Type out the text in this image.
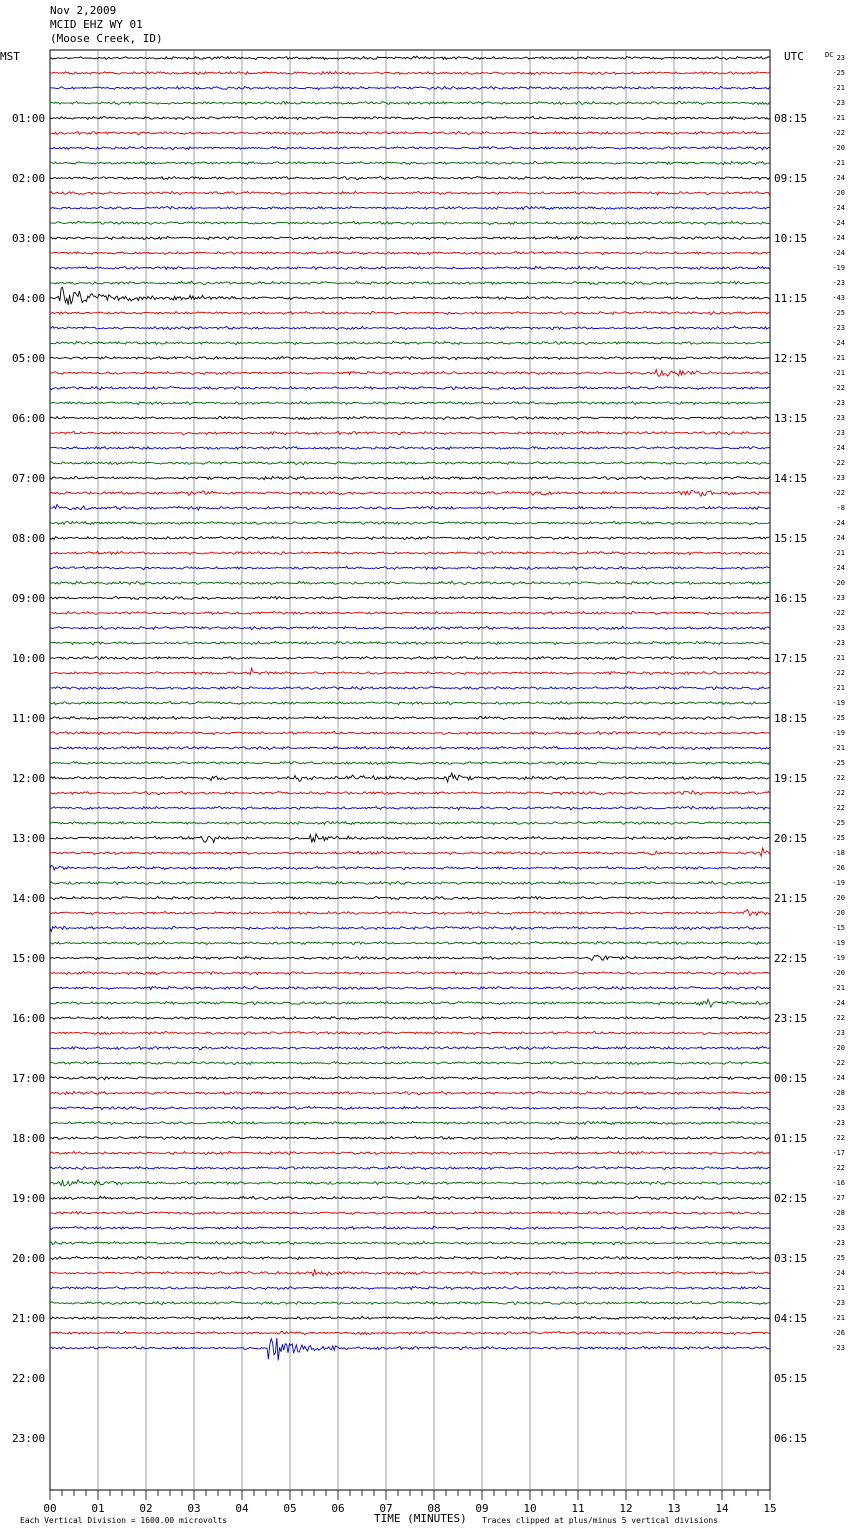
Nov 2,2009
MCID EHZ WY 01
(Moose Creek, ID)
01:00
02:00
03:00
04:00
05:00
06:00
07:00
08:00
09:00
10:00
11:00
12:00
13:00
14:00
15:00
16:00
17:00
18:00
19:00
20:00
21:00
22:00
23:00
08:15
09:15
10:15
11:15
12:15
13:15
14:15
15:15
16:15
17:15
18:15
19:15
20:15
21:15
22:15
23:15
00:15
01:15
02:15
03:15
04:15
05:15
06:15
23
-25
-21
-23
-21
-22
-20
-21
-24
-20
-24
-24
-24
-24
-19
-23
-43
-25
-23
-24
-21
-21
-22
-23
-23
-23
-24
-22
-23
-22
-8
-24
-24
-21
-24
-20
-23
-22
-23
-23
-21
-22
-21
-19
-25
-19
-21
-25
-22
-22
-22
-25
-25
-18
-26
-19
-20
-20
-15
-19
-19
-20
-21
-24
-22
-23
-20
-22
-24
-28
-23
-23
-22
-17
-22
-16
-27
-28
-23
-23
-25
-24
-21
-23
-21
-26
-23
00	01	02	03	04	05	06	07	08	09	10	11	12	13	14	15
MST	UTC	DC
Each Vertical Division = 1600.00 microvolts	TIME (MINUTES) Traces clipped at plus/minus 5 vertical divisions
